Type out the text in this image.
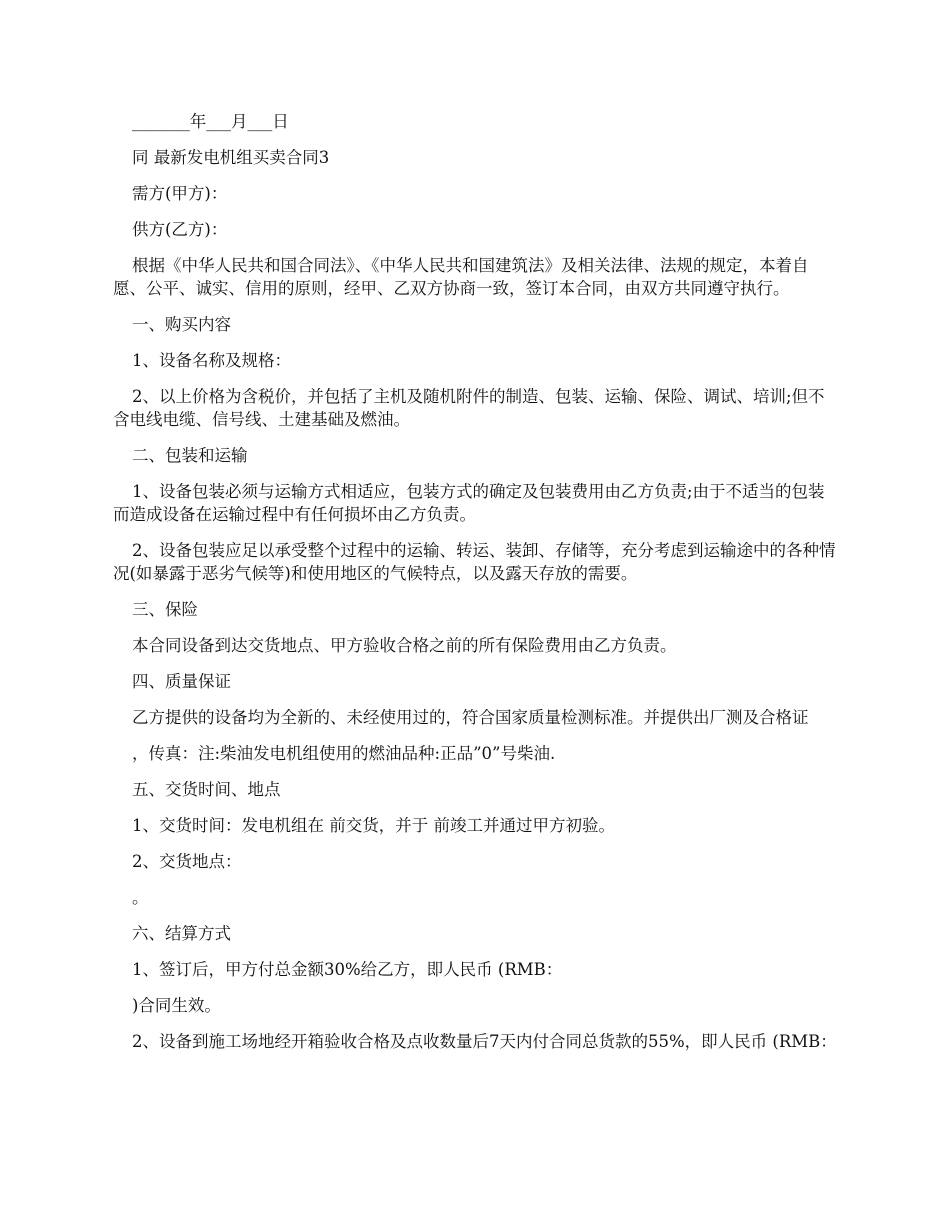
_______年___月___日

同 最新发电机组买卖合同3

需方(甲方)：

供方(乙方)：

根据《中华人民共和国合同法》、《中华人民共和国建筑法》及相关法律、法规的规定，本着自愿、公平、诚实、信用的原则，经甲、乙双方协商一致，签订本合同，由双方共同遵守执行。

一、购买内容

1、设备名称及规格：

2、以上价格为含税价，并包括了主机及随机附件的制造、包装、运输、保险、调试、培训;但不含电线电缆、信号线、土建基础及燃油。

二、包装和运输

1、设备包装必须与运输方式相适应，包装方式的确定及包装费用由乙方负责;由于不适当的包装而造成设备在运输过程中有任何损坏由乙方负责。

2、设备包装应足以承受整个过程中的运输、转运、装卸、存储等，充分考虑到运输途中的各种情况(如暴露于恶劣气候等)和使用地区的气候特点，以及露天存放的需要。

三、保险

本合同设备到达交货地点、甲方验收合格之前的所有保险费用由乙方负责。

四、质量保证

乙方提供的设备均为全新的、未经使用过的，符合国家质量检测标准。并提供出厂测及合格证

，传真：注:柴油发电机组使用的燃油品种:正品”0”号柴油.

五、交货时间、地点

1、交货时间：发电机组在 前交货，并于 前竣工并通过甲方初验。

2、交货地点：

。

六、结算方式

1、签订后，甲方付总金额30%给乙方，即人民币 (RMB：

)合同生效。

2、设备到施工场地经开箱验收合格及点收数量后7天内付合同总货款的55%，即人民币 (RMB：
